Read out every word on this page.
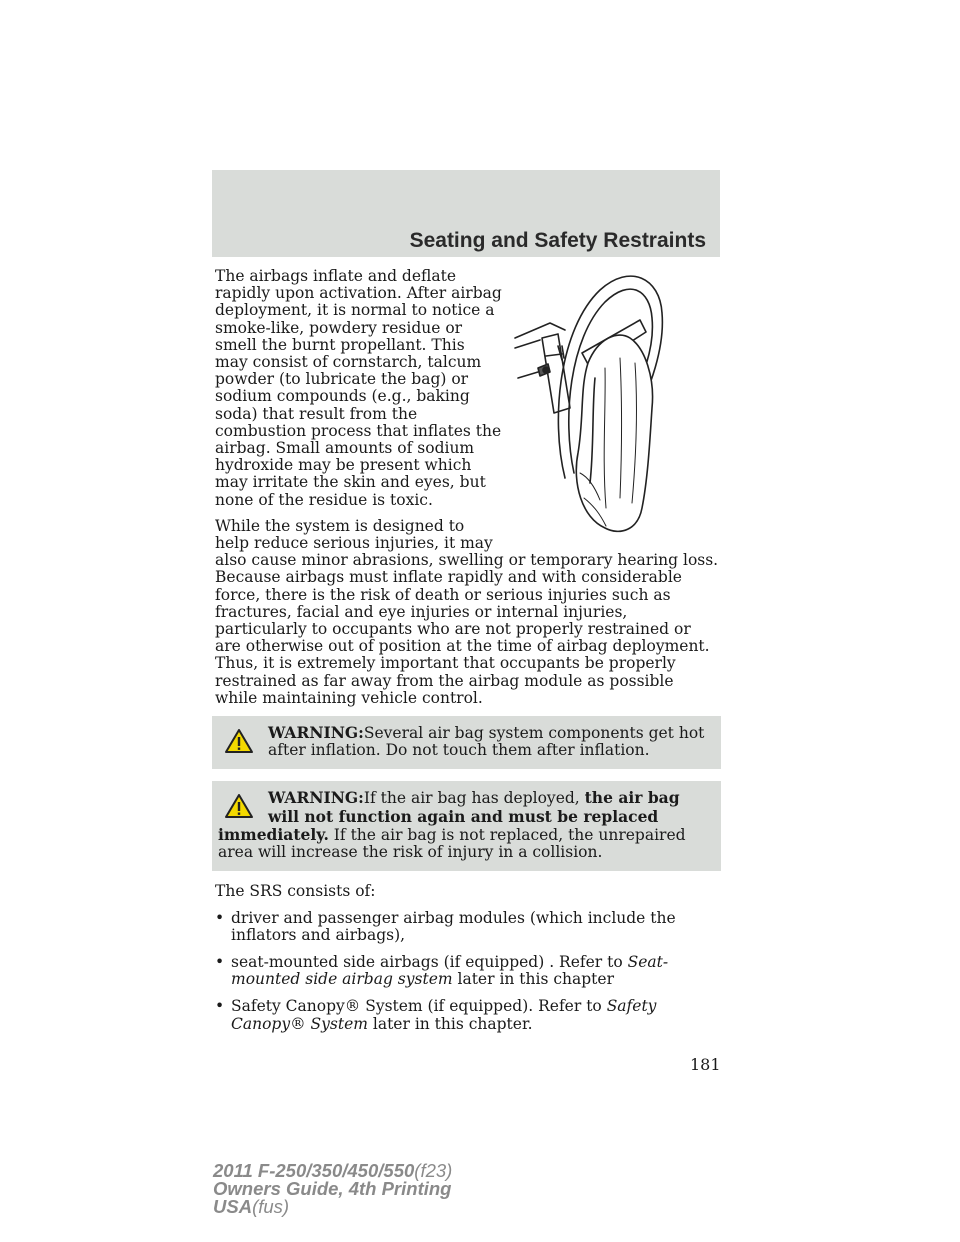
Seating and Safety Restraints

The airbags inflate and deflate rapidly upon activation. After airbag deployment, it is normal to notice a smoke-like, powdery residue or smell the burnt propellant. This may consist of cornstarch, talcum powder (to lubricate the bag) or sodium compounds (e.g., baking soda) that result from the combustion process that inflates the airbag. Small amounts of sodium hydroxide may be present which may irritate the skin and eyes, but none of the residue is toxic.

While the system is designed to help reduce serious injuries, it may also cause minor abrasions, swelling or temporary hearing loss. Because airbags must inflate rapidly and with considerable force, there is the risk of death or serious injuries such as fractures, facial and eye injuries or internal injuries, particularly to occupants who are not properly restrained or are otherwise out of position at the time of airbag deployment. Thus, it is extremely important that occupants be properly restrained as far away from the airbag module as possible while maintaining vehicle control.

WARNING:Several air bag system components get hot after inflation. Do not touch them after inflation.

WARNING:If the air bag has deployed, the air bag will not function again and must be replaced immediately. If the air bag is not replaced, the unrepaired area will increase the risk of injury in a collision.

The SRS consists of:

• driver and passenger airbag modules (which include the inflators and airbags),
• seat-mounted side airbags (if equipped) . Refer to Seat-mounted side airbag system later in this chapter
• Safety Canopy® System (if equipped). Refer to Safety Canopy® System later in this chapter.
181
2011 F-250/350/450/550(f23)
Owners Guide, 4th Printing
USA(fus)
